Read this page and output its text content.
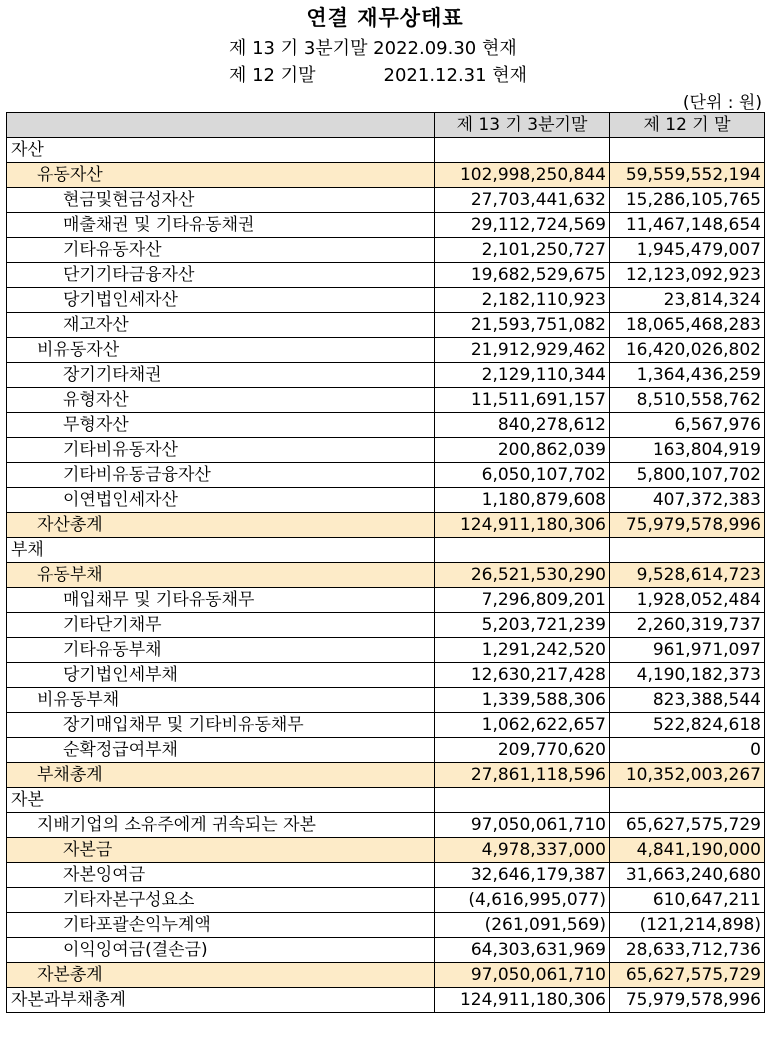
연결 재무상태표
제 13 기 3분기말 2022.09.30 현재
제 12 기말	2021.12.31 현재
(단위 : 원)
	제 13 기 3분기말	제 12 기 말
자산		
유동자산	102,998,250,844	59,559,552,194
현금및현금성자산	27,703,441,632	15,286,105,765
매출채권 및 기타유동채권	29,112,724,569	11,467,148,654
기타유동자산	2,101,250,727	1,945,479,007
단기기타금융자산	19,682,529,675	12,123,092,923
당기법인세자산	2,182,110,923	23,814,324
재고자산	21,593,751,082	18,065,468,283
비유동자산	21,912,929,462	16,420,026,802
장기기타채권	2,129,110,344	1,364,436,259
유형자산	11,511,691,157	8,510,558,762
무형자산	840,278,612	6,567,976
기타비유동자산	200,862,039	163,804,919
기타비유동금융자산	6,050,107,702	5,800,107,702
이연법인세자산	1,180,879,608	407,372,383
자산총계	124,911,180,306	75,979,578,996
부채		
유동부채	26,521,530,290	9,528,614,723
매입채무 및 기타유동채무	7,296,809,201	1,928,052,484
기타단기채무	5,203,721,239	2,260,319,737
기타유동부채	1,291,242,520	961,971,097
당기법인세부채	12,630,217,428	4,190,182,373
비유동부채	1,339,588,306	823,388,544
장기매입채무 및 기타비유동채무	1,062,622,657	522,824,618
순확정급여부채	209,770,620	0
부채총계	27,861,118,596	10,352,003,267
자본		
지배기업의 소유주에게 귀속되는 자본	97,050,061,710	65,627,575,729
자본금	4,978,337,000	4,841,190,000
자본잉여금	32,646,179,387	31,663,240,680
기타자본구성요소	(4,616,995,077)	610,647,211
기타포괄손익누계액	(261,091,569)	(121,214,898)
이익잉여금(결손금)	64,303,631,969	28,633,712,736
자본총계	97,050,061,710	65,627,575,729
자본과부채총계	124,911,180,306	75,979,578,996
